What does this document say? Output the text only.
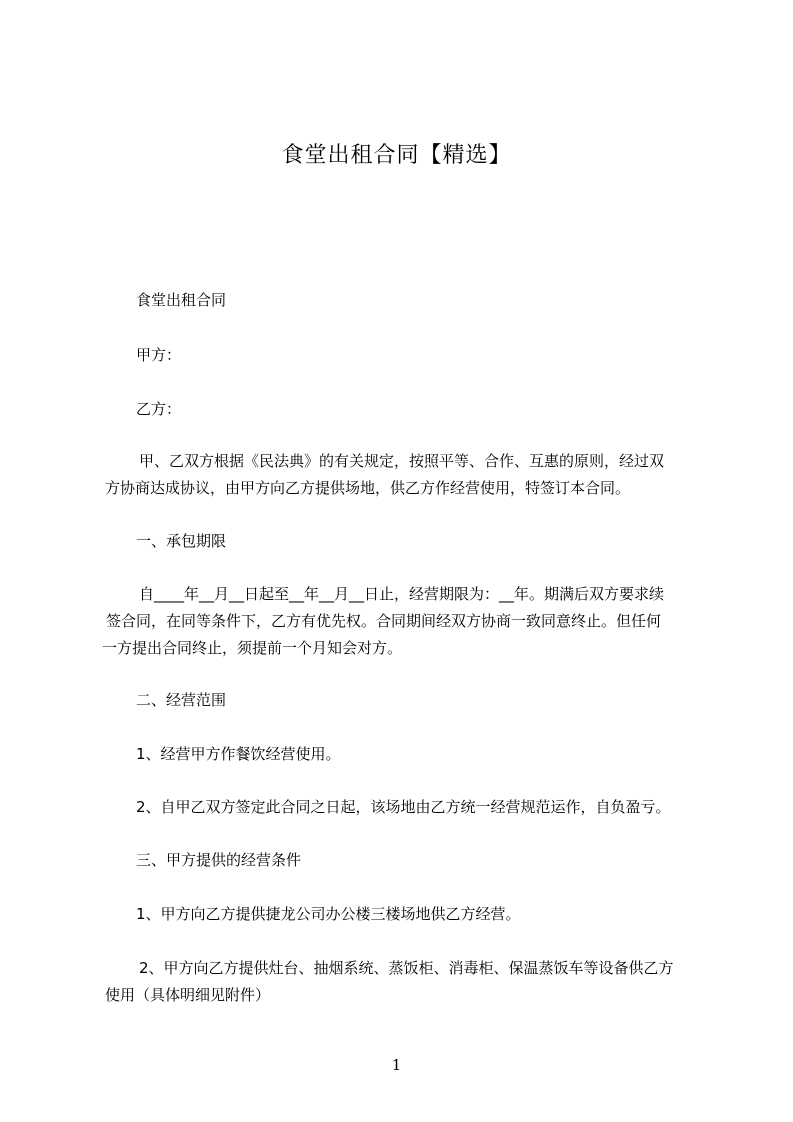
食堂出租合同【精选】
食堂出租合同
甲方：
乙方：
甲、乙双方根据《民法典》的有关规定，按照平等、合作、互惠的原则，经过双
方协商达成协议，由甲方向乙方提供场地，供乙方作经营使用，特签订本合同。
一、承包期限
自____年__月__日起至__年__月__日止，经营期限为：__年。期满后双方要求续
签合同，在同等条件下，乙方有优先权。合同期间经双方协商一致同意终止。但任何
一方提出合同终止，须提前一个月知会对方。
二、经营范围
1、经营甲方作餐饮经营使用。
2、自甲乙双方签定此合同之日起，该场地由乙方统一经营规范运作，自负盈亏。
三、甲方提供的经营条件
1、甲方向乙方提供捷龙公司办公楼三楼场地供乙方经营。
2、甲方向乙方提供灶台、抽烟系统、蒸饭柜、消毒柜、保温蒸饭车等设备供乙方
使用（具体明细见附件）
1
